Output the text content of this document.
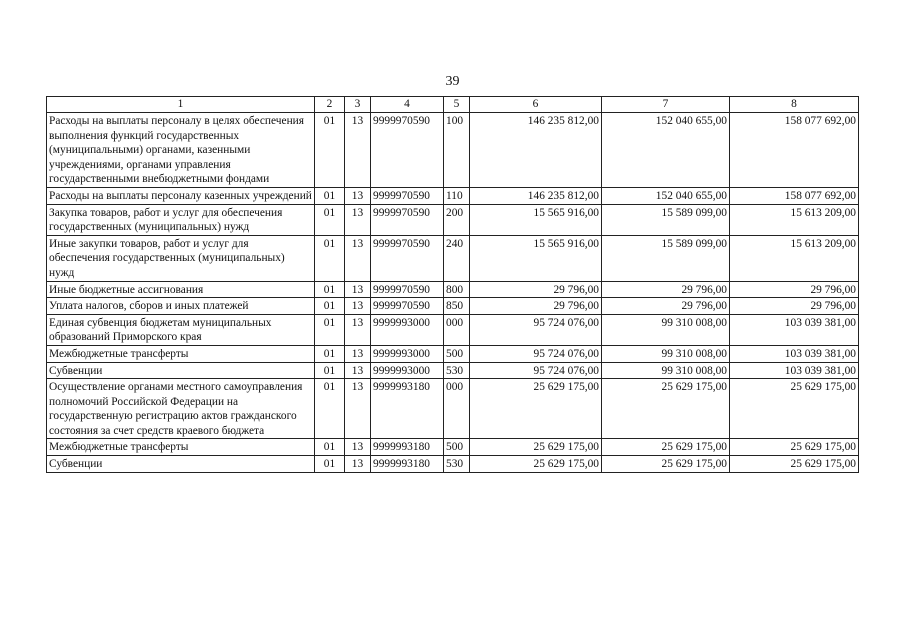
39
1	2	3	4	5	6	7	8
Расходы на выплаты персоналу в целях обеспечения выполнения функций государственных (муниципальными) органами, казенными учреждениями, органами управления государственными внебюджетными фондами	01	13	9999970590	100	146 235 812,00	152 040 655,00	158 077 692,00
Расходы на выплаты персоналу казенных учреждений	01	13	9999970590	110	146 235 812,00	152 040 655,00	158 077 692,00
Закупка товаров, работ и услуг для обеспечения государственных (муниципальных) нужд	01	13	9999970590	200	15 565 916,00	15 589 099,00	15 613 209,00
Иные закупки товаров, работ и услуг для обеспечения государственных (муниципальных) нужд	01	13	9999970590	240	15 565 916,00	15 589 099,00	15 613 209,00
Иные бюджетные ассигнования	01	13	9999970590	800	29 796,00	29 796,00	29 796,00
Уплата налогов, сборов и иных платежей	01	13	9999970590	850	29 796,00	29 796,00	29 796,00
Единая субвенция бюджетам муниципальных образований Приморского края	01	13	9999993000	000	95 724 076,00	99 310 008,00	103 039 381,00
Межбюджетные трансферты	01	13	9999993000	500	95 724 076,00	99 310 008,00	103 039 381,00
Субвенции	01	13	9999993000	530	95 724 076,00	99 310 008,00	103 039 381,00
Осуществление органами местного самоуправления полномочий Российской Федерации на государственную регистрацию актов гражданского состояния за счет средств краевого бюджета	01	13	9999993180	000	25 629 175,00	25 629 175,00	25 629 175,00
Межбюджетные трансферты	01	13	9999993180	500	25 629 175,00	25 629 175,00	25 629 175,00
Субвенции	01	13	9999993180	530	25 629 175,00	25 629 175,00	25 629 175,00
